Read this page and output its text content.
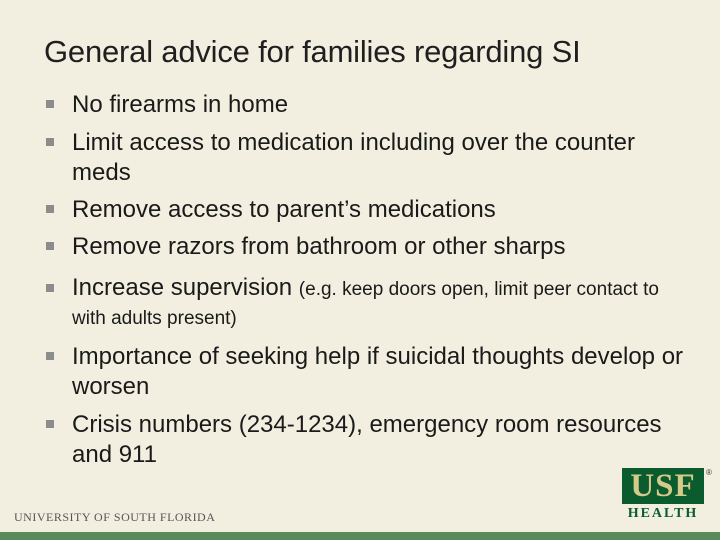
General advice for families regarding SI
No firearms in home
Limit access to medication including over the counter meds
Remove access to parent’s medications
Remove razors from bathroom or other sharps
Increase supervision (e.g. keep doors open, limit peer contact to with adults present)
Importance of seeking help if suicidal thoughts develop or worsen
Crisis numbers (234-1234), emergency room resources and 911
UNIVERSITY OF SOUTH FLORIDA
USF
HEALTH
®
